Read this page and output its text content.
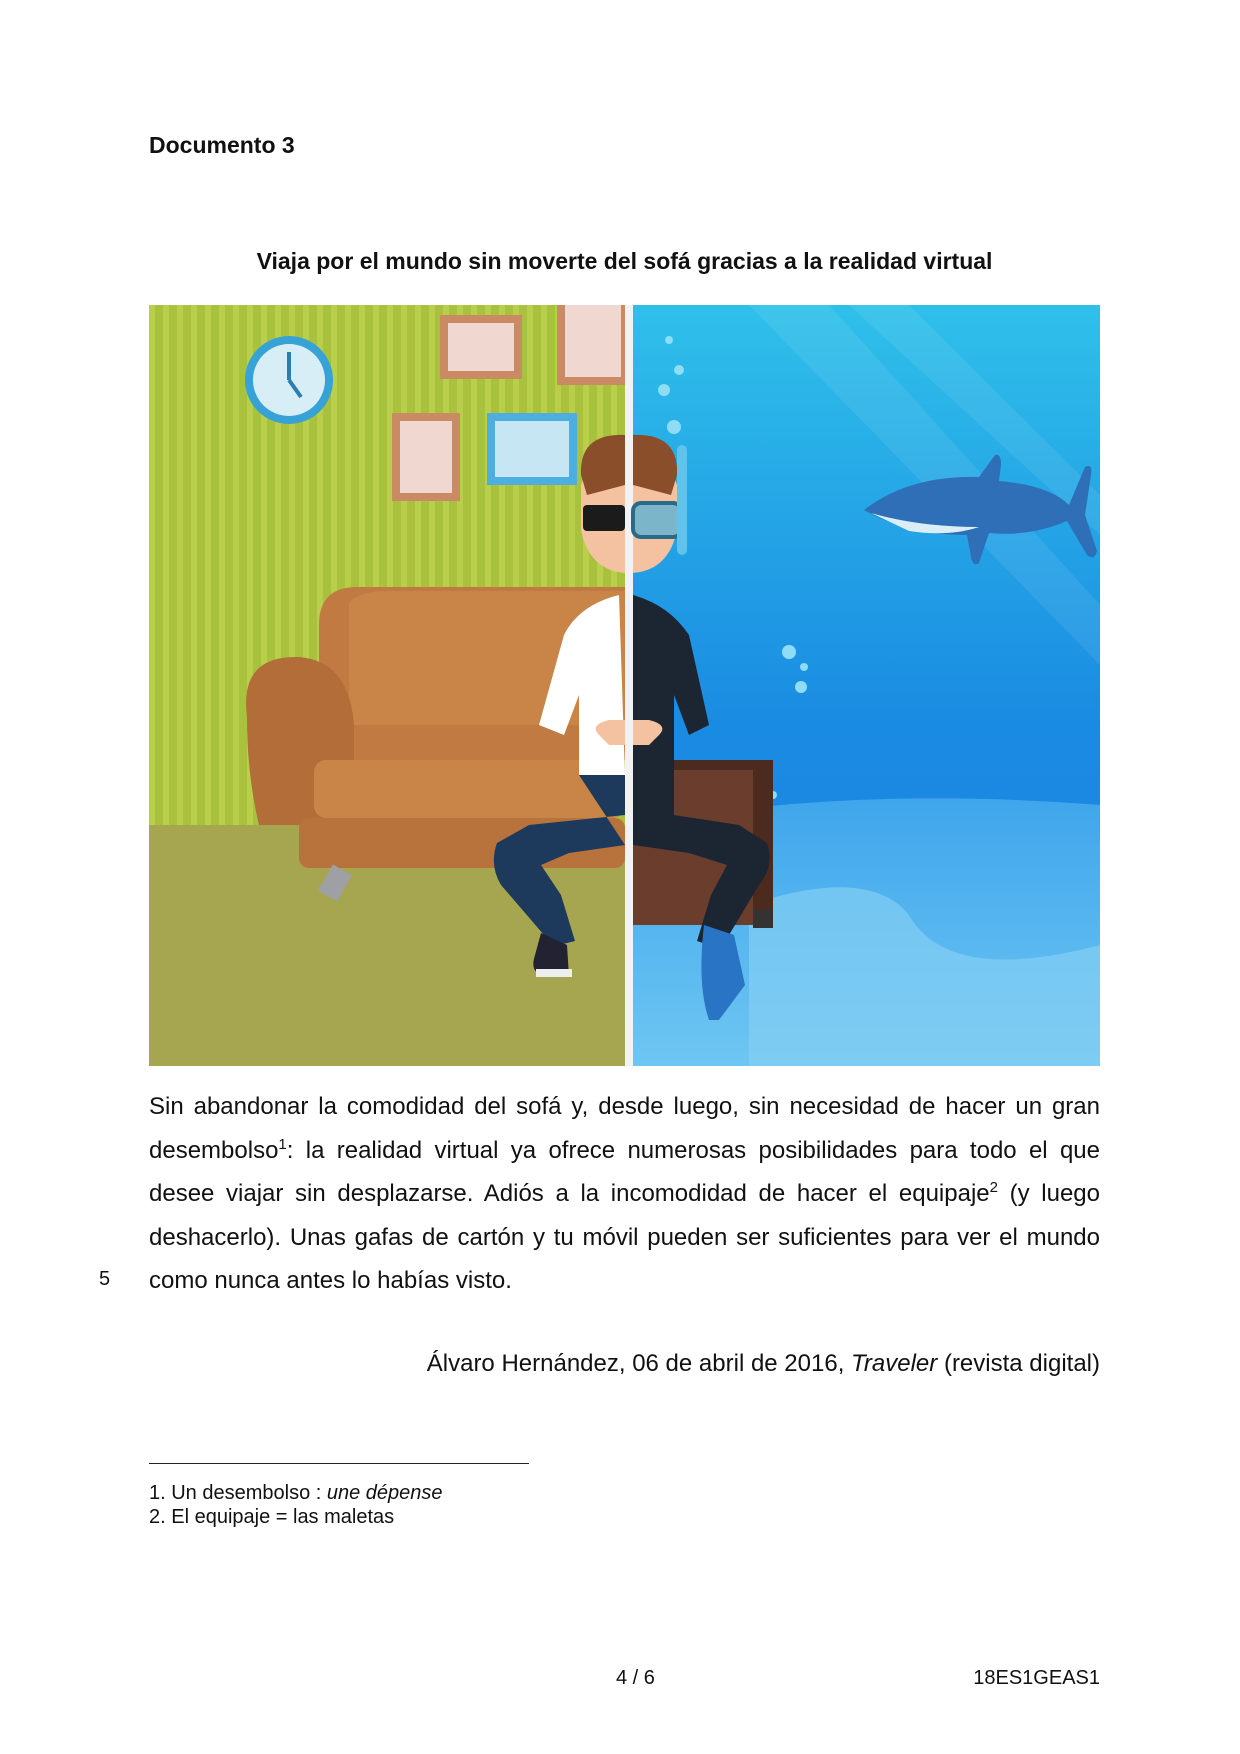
Documento 3
Viaja por el mundo sin moverte del sofá gracias a la realidad virtual
Sin abandonar la comodidad del sofá y, desde luego, sin necesidad de hacer un gran desembolso$^1$: la realidad virtual ya ofrece numerosas posibilidades para todo el que desee viajar sin desplazarse. Adiós a la incomodidad de hacer el equipaje$^2$ (y luego deshacerlo). Unas gafas de cartón y tu móvil pueden ser suficientes para ver el mundo como nunca antes lo habías visto.
5
Álvaro Hernández, 06 de abril de 2016, Traveler (revista digital)
1. Un desembolso : une dépense
2. El equipaje = las maletas
4 / 6	18ES1GEAS1
